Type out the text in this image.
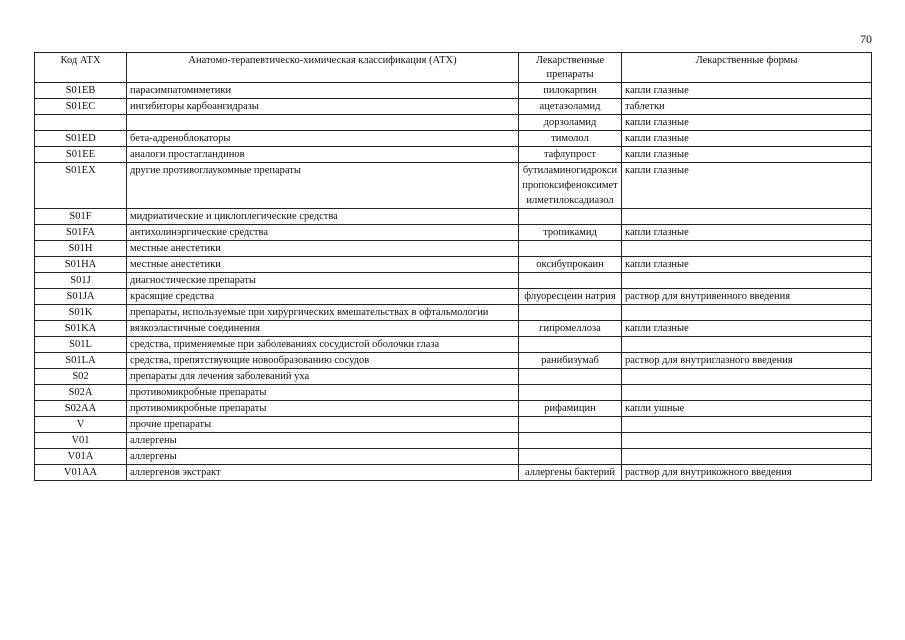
70
Код АТХ	Анатомо-терапевтическо-химическая классификация (АТХ)	Лекарственные препараты	Лекарственные формы
S01EB	парасимпатомиметики	пилокарпин	капли глазные
S01EC	ингибиторы карбоангидразы	ацетазоламид	таблетки
		дорзоламид	капли глазные
S01ED	бета-адреноблокаторы	тимолол	капли глазные
S01EE	аналоги простагландинов	тафлупрост	капли глазные
S01EX	другие противоглаукомные препараты	бутиламиногидроксипропоксифеноксиметилметилоксадиазол	капли глазные
S01F	мидриатические и циклоплегические средства		
S01FA	антихолинэргические средства	тропикамид	капли глазные
S01H	местные анестетики		
S01HA	местные анестетики	оксибупрокаин	капли глазные
S01J	диагностические препараты		
S01JA	красящие средства	флуоресцеин натрия	раствор для внутривенного введения
S01K	препараты, используемые при хирургических вмешательствах в офтальмологии		
S01KA	вязкоэластичные соединения	гипромеллоза	капли глазные
S01L	средства, применяемые при заболеваниях сосудистой оболочки глаза		
S01LA	средства, препятствующие новообразованию сосудов	ранибизумаб	раствор для внутриглазного введения
S02	препараты для лечения заболеваний уха		
S02A	противомикробные препараты		
S02AA	противомикробные препараты	рифамицин	капли ушные
V	прочие препараты		
V01	аллергены		
V01A	аллергены		
V01AA	аллергенов экстракт	аллергены бактерий	раствор для внутрикожного введения
